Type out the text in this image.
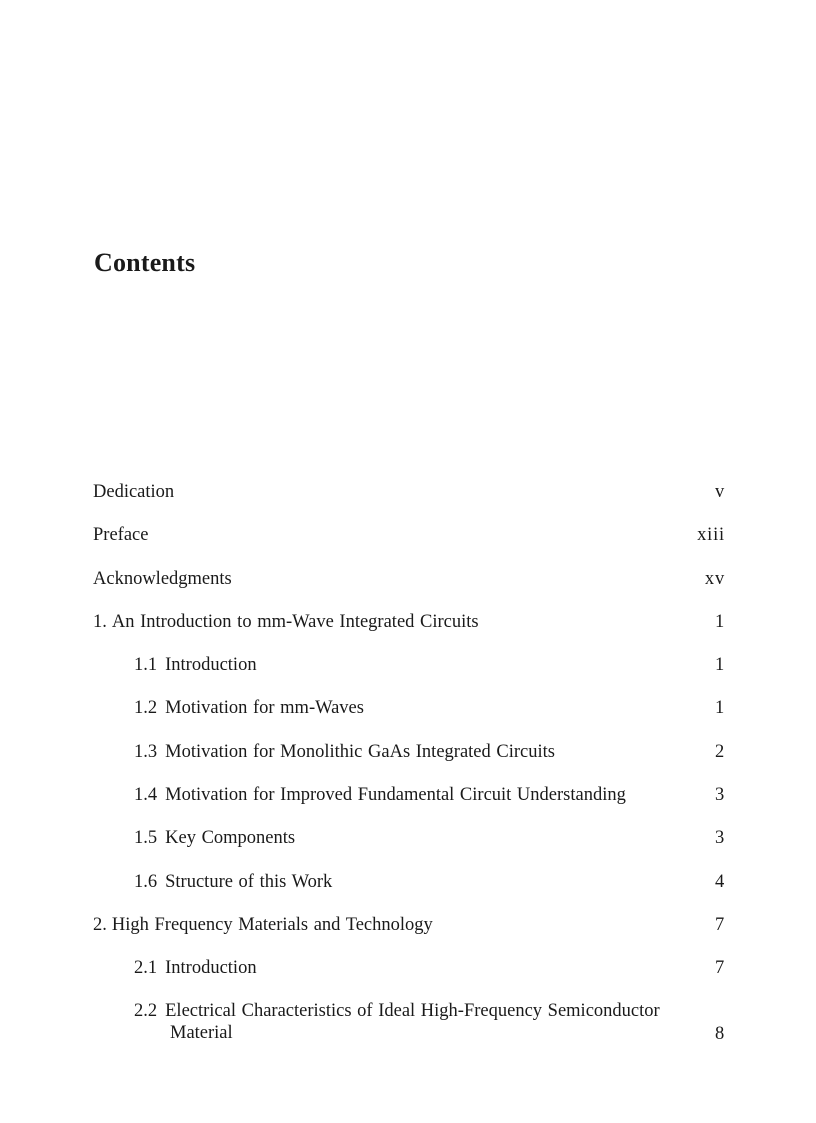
Contents
Dedication	v
Preface	xiii
Acknowledgments	xv
1. An Introduction to mm-Wave Integrated Circuits	1
1.1 Introduction	1
1.2 Motivation for mm-Waves	1
1.3 Motivation for Monolithic GaAs Integrated Circuits	2
1.4 Motivation for Improved Fundamental Circuit Understanding	3
1.5 Key Components	3
1.6 Structure of this Work	4
2. High Frequency Materials and Technology	7
2.1 Introduction	7
2.2 Electrical Characteristics of Ideal High-Frequency Semiconductor
Material	8
